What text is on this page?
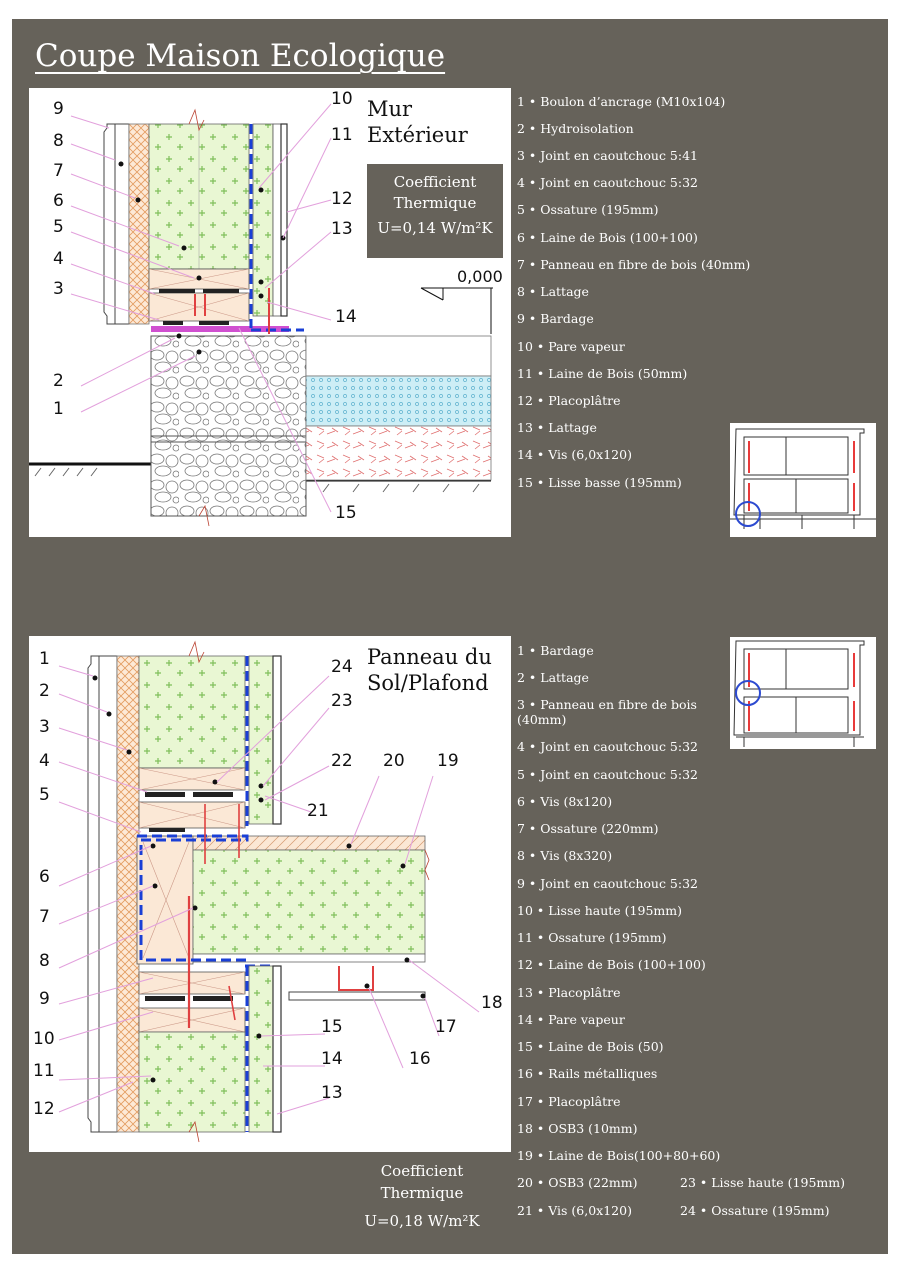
Coupe Maison Ecologique
0,000
9
8
7
6
5
4
3
2
1
10
11
12
13
14
15
Mur
Extérieur
Coefficient
Thermique
U=0,14 W/m²K
1 • Boulon d’ancrage (M10x104)
2 • Hydroisolation
3 • Joint en caoutchouc 5:41
4 • Joint en caoutchouc 5:32
5 • Ossature (195mm)
6 • Laine de Bois (100+100)
7 • Panneau en fibre de bois (40mm)
8 • Lattage
9 • Bardage
10 • Pare vapeur
11 • Laine de Bois (50mm)
12 • Placoplâtre
13 • Lattage
14 • Vis (6,0x120)
15 • Lisse basse (195mm)
1
2
3
4
5
6
7
8
9
10
11
12
24
23
22
21
20 19
18
17
16
15
14
13
Panneau du
Sol/Plafond
Coefficient
Thermique
U=0,18 W/m²K
1 • Bardage
2 • Lattage
3 • Panneau en fibre de bois
(40mm)
4 • Joint en caoutchouc 5:32
5 • Joint en caoutchouc 5:32
6 • Vis (8x120)
7 • Ossature (220mm)
8 • Vis (8x320)
9 • Joint en caoutchouc 5:32
10 • Lisse haute (195mm)
11 • Ossature (195mm)
12 • Laine de Bois (100+100)
13 • Placoplâtre
14 • Pare vapeur
15 • Laine de Bois (50)
16 • Rails métalliques
17 • Placoplâtre
18 • OSB3 (10mm)
19 • Laine de Bois(100+80+60)
20 • OSB3 (22mm)
21 • Vis (6,0x120)
23 • Lisse haute (195mm)
24 • Ossature (195mm)
